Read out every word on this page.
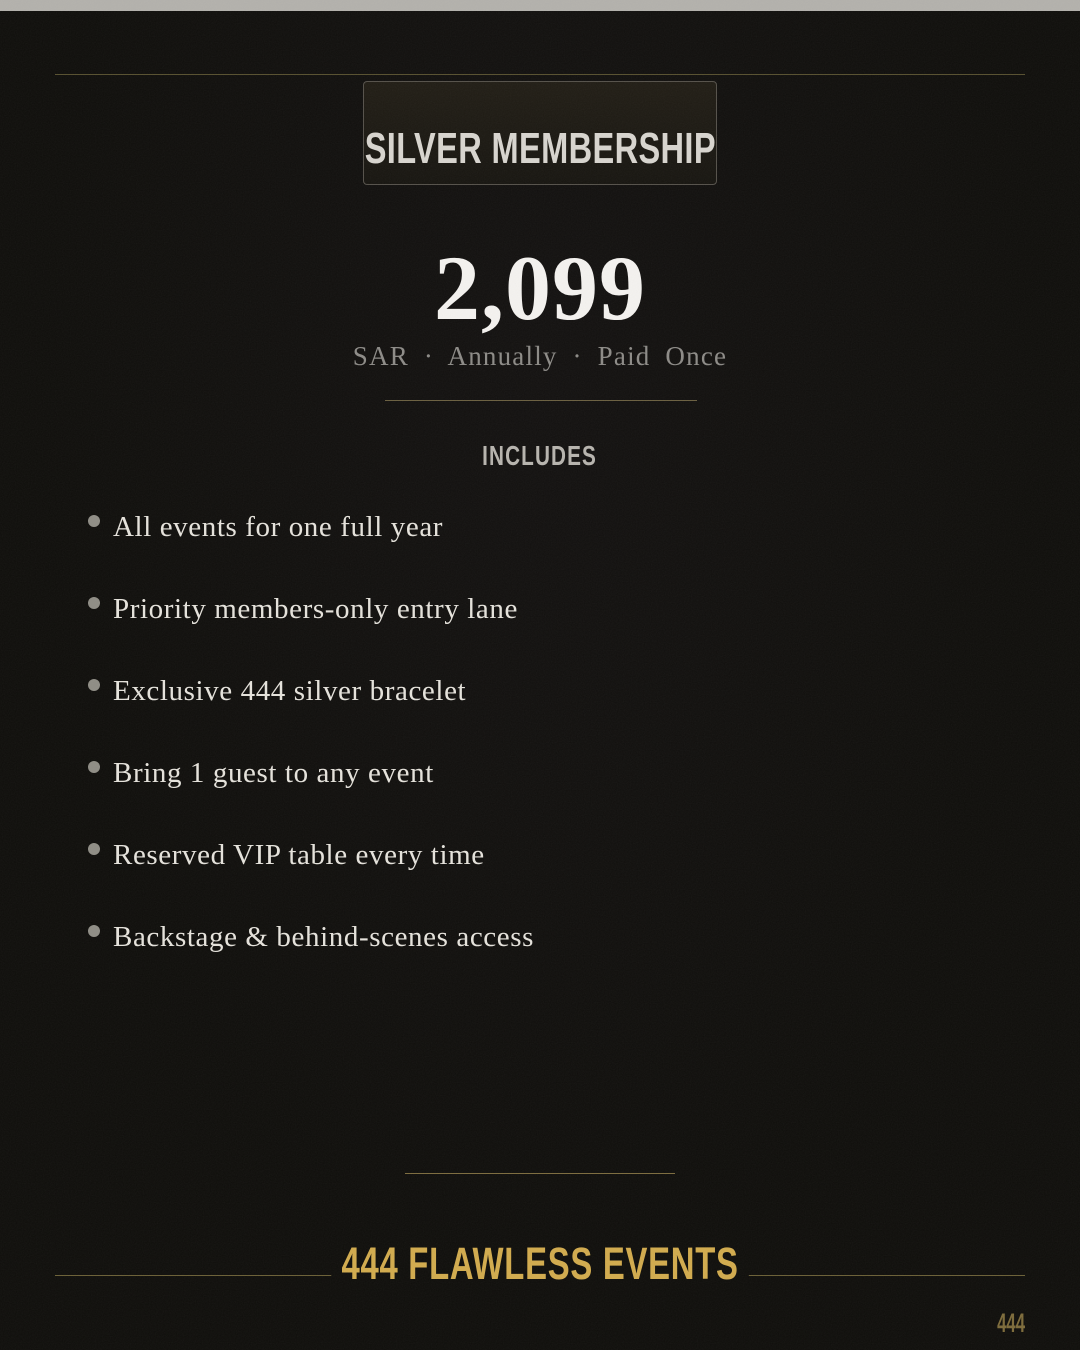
SILVER MEMBERSHIP
2,099
SAR · Annually · Paid Once
INCLUDES
All events for one full year
Priority members-only entry lane
Exclusive 444 silver bracelet
Bring 1 guest to any event
Reserved VIP table every time
Backstage & behind-scenes access
444 FLAWLESS EVENTS
444
